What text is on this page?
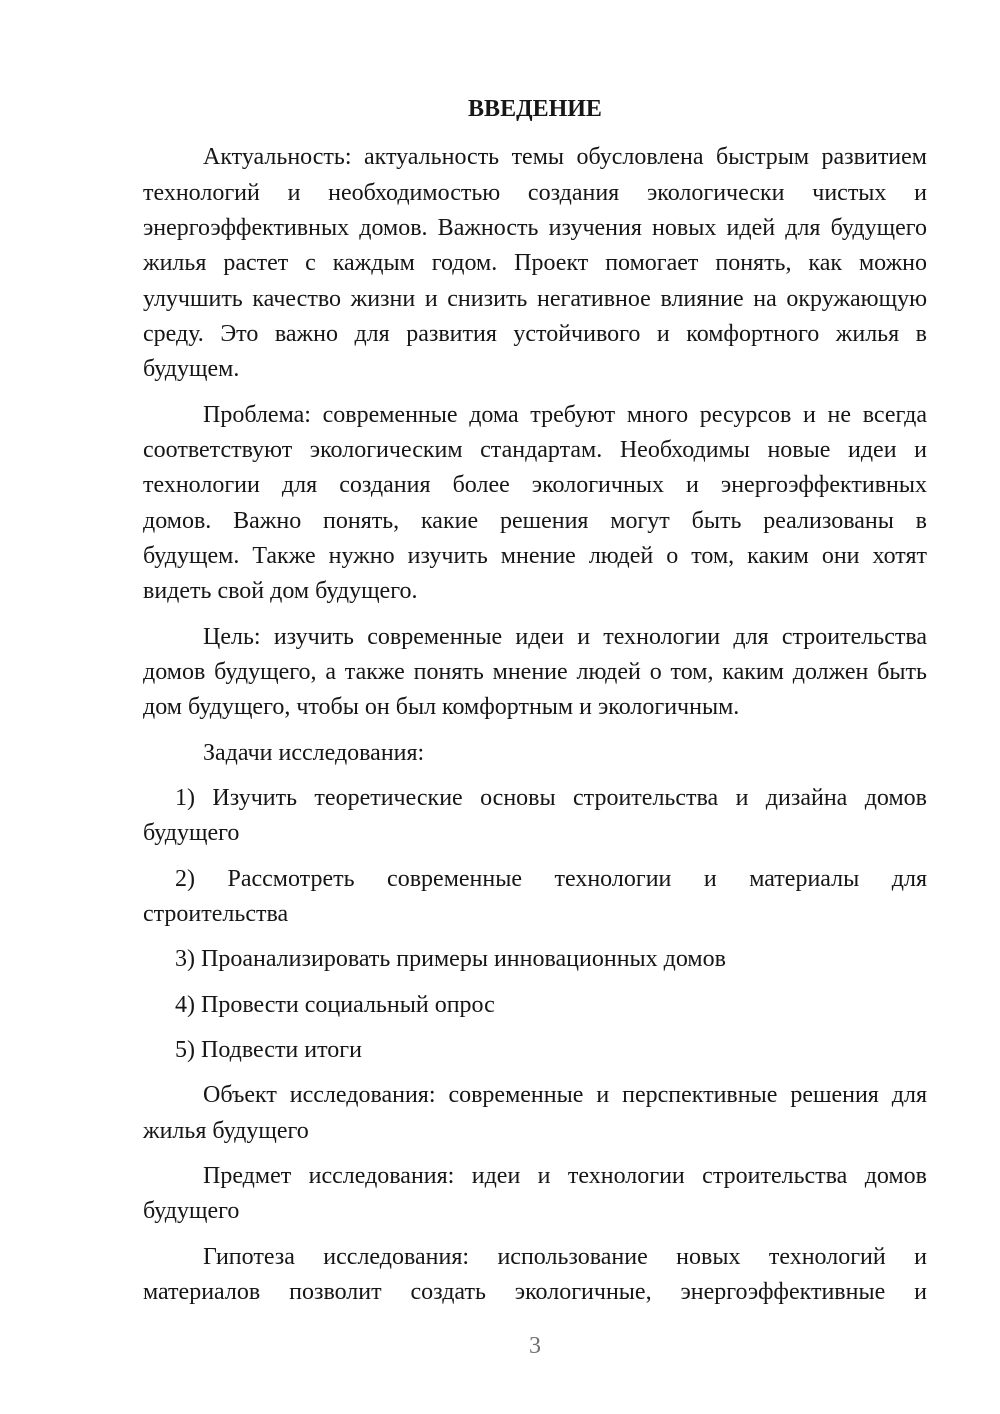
ВВЕДЕНИЕ
Актуальность: актуальность темы обусловлена быстрым развитием
технологий и необходимостью создания экологически чистых и
энергоэффективных домов. Важность изучения новых идей для будущего
жилья растет с каждым годом. Проект помогает понять, как можно
улучшить качество жизни и снизить негативное влияние на окружающую
среду. Это важно для развития устойчивого и комфортного жилья в
будущем.
Проблема: современные дома требуют много ресурсов и не всегда
соответствуют экологическим стандартам. Необходимы новые идеи и
технологии для создания более экологичных и энергоэффективных
домов. Важно понять, какие решения могут быть реализованы в
будущем. Также нужно изучить мнение людей о том, каким они хотят
видеть свой дом будущего.
Цель: изучить современные идеи и технологии для строительства
домов будущего, а также понять мнение людей о том, каким должен быть
дом будущего, чтобы он был комфортным и экологичным.
Задачи исследования:
1) Изучить теоретические основы строительства и дизайна домов
будущего
2) Рассмотреть современные технологии и материалы для
строительства
3) Проанализировать примеры инновационных домов
4) Провести социальный опрос
5) Подвести итоги
Объект исследования: современные и перспективные решения для
жилья будущего
Предмет исследования: идеи и технологии строительства домов
будущего
Гипотеза исследования: использование новых технологий и
материалов позволит создать экологичные, энергоэффективные и
3
